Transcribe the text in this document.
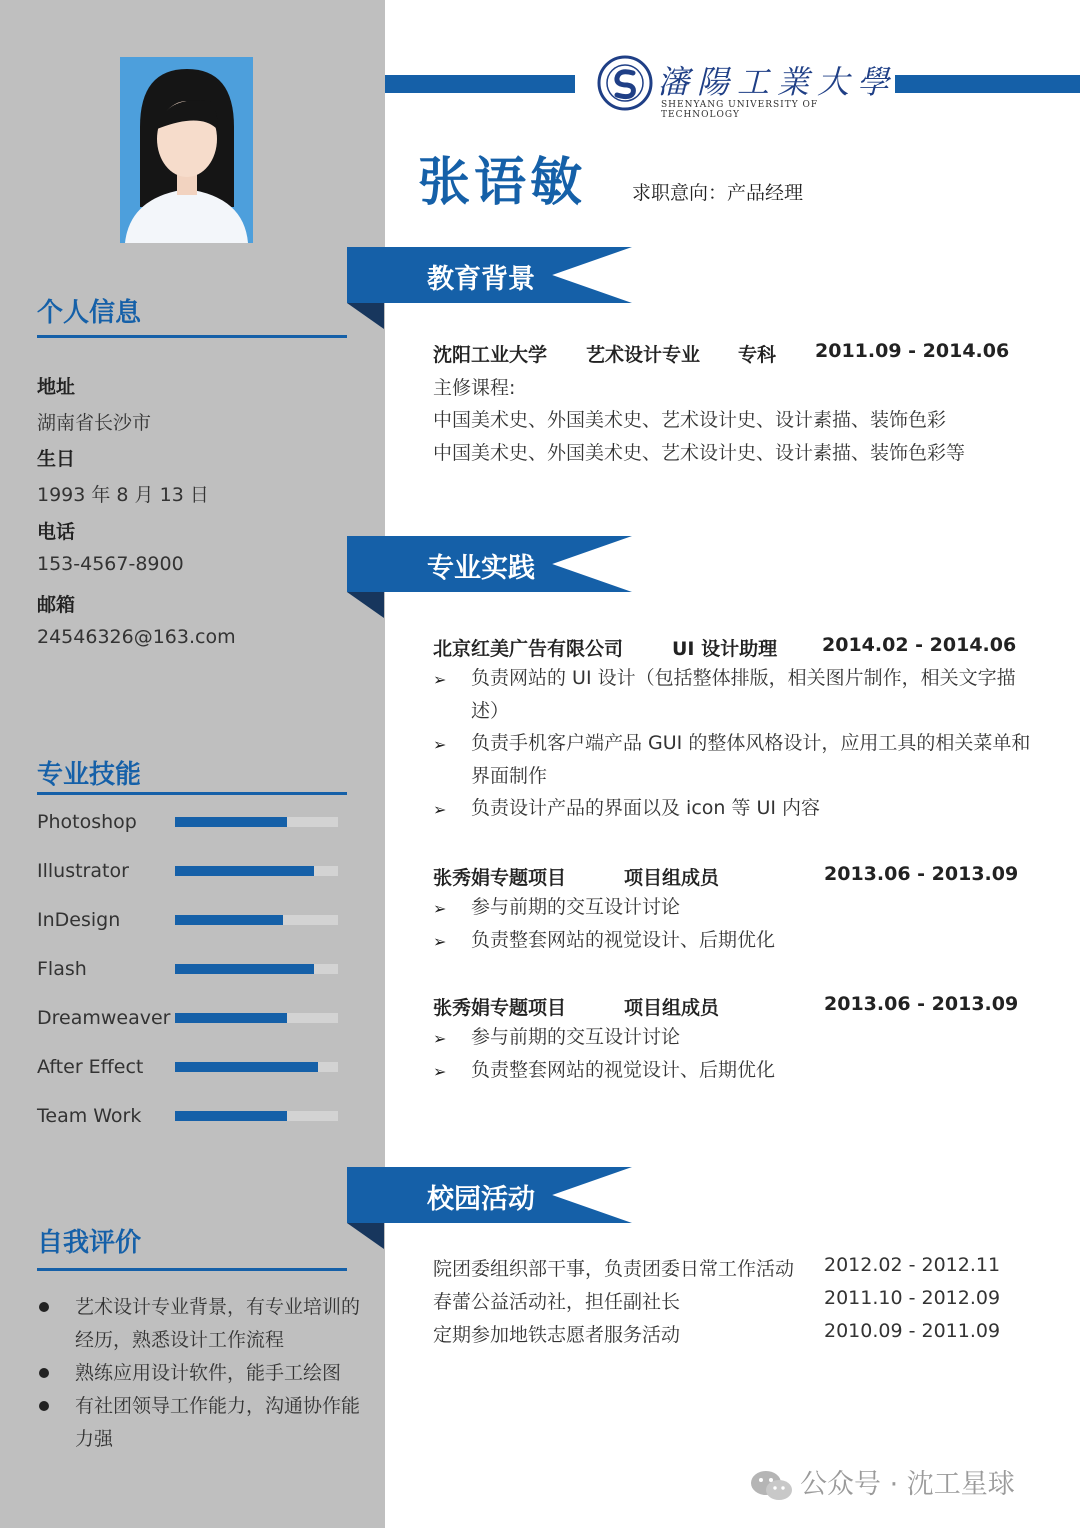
个人信息
地址
湖南省长沙市
生日
1993 年 8 月 13 日
电话
153-4567-8900
邮箱
24546326@163.com
专业技能
Photoshop
Illustrator
InDesign
Flash
Dreamweaver
After Effect
Team Work
自我评价
艺术设计专业背景，有专业培训的经历，熟悉设计工作流程
熟练应用设计软件，能手工绘图
有社团领导工作能力，沟通协作能力强
瀋陽工業大學
SHENYANG UNIVERSITY OF TECHNOLOGY
张语敏 求职意向：产品经理
教育背景
沈阳工业大学 艺术设计专业 专科 2011.09 - 2014.06
主修课程:
中国美术史、外国美术史、艺术设计史、设计素描、装饰色彩
中国美术史、外国美术史、艺术设计史、设计素描、装饰色彩等
专业实践
北京红美广告有限公司	UI 设计助理 2014.02 - 2014.06
➢ 负责网站的 UI 设计（包括整体排版，相关图片制作，相关文字描述）
➢ 负责手机客户端产品 GUI 的整体风格设计，应用工具的相关菜单和界面制作
➢ 负责设计产品的界面以及 icon 等 UI 内容
张秀娟专题项目	项目组成员	2013.06 - 2013.09
➢ 参与前期的交互设计讨论
➢ 负责整套网站的视觉设计、后期优化
张秀娟专题项目	项目组成员	2013.06 - 2013.09
➢ 参与前期的交互设计讨论
➢ 负责整套网站的视觉设计、后期优化
校园活动
院团委组织部干事，负责团委日常工作活动 2012.02 - 2012.11
春蕾公益活动社，担任副社长	2011.10 - 2012.09
定期参加地铁志愿者服务活动	2010.09 - 2011.09
公众号 · 沈工星球
